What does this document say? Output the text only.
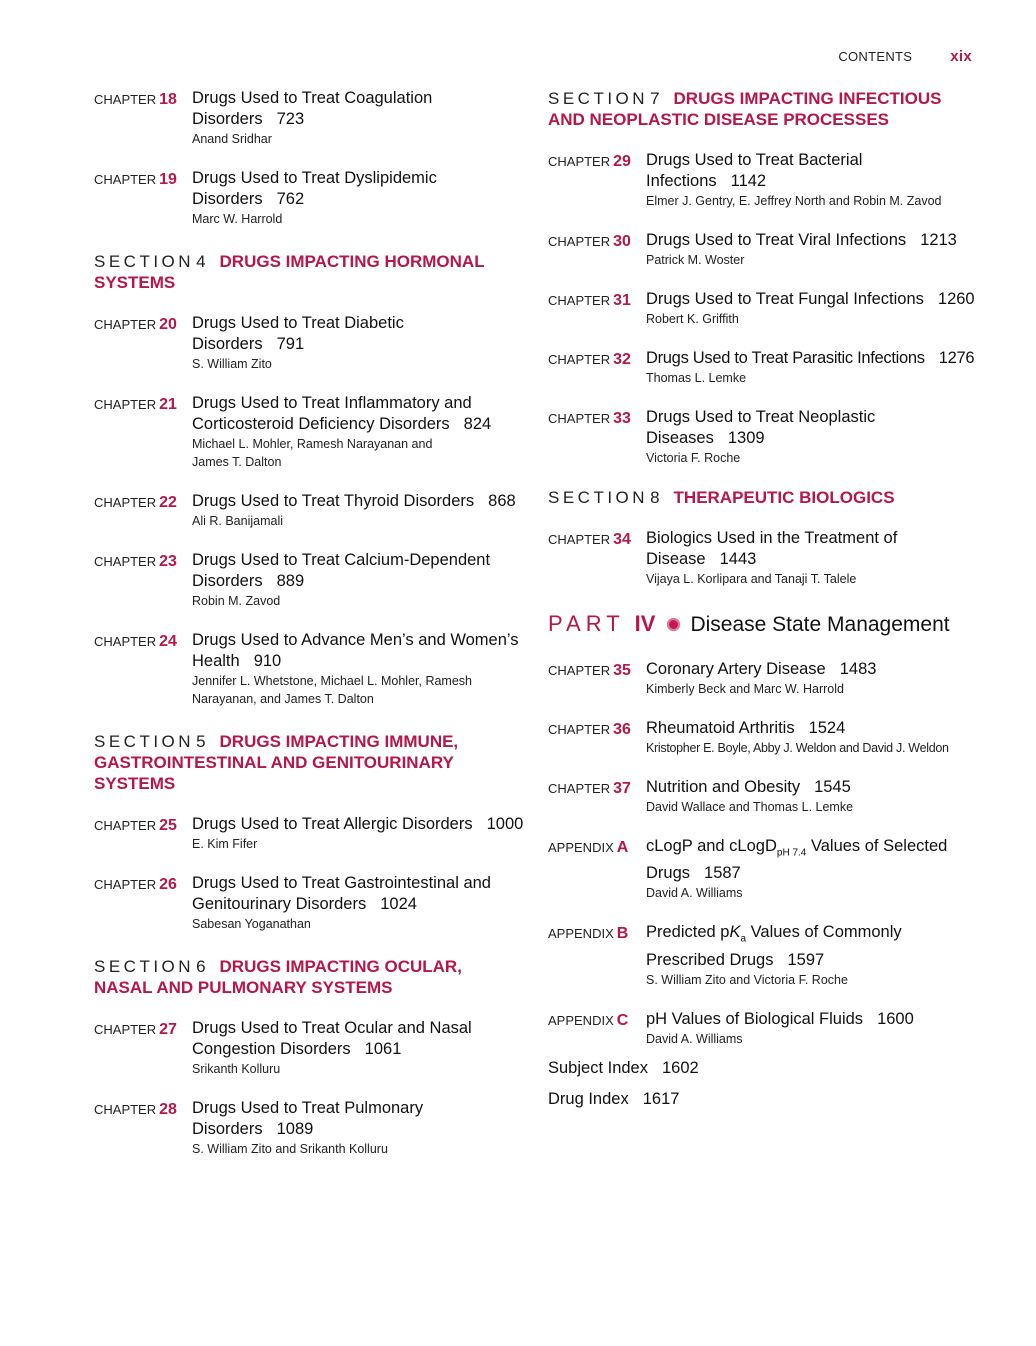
CONTENTS	xix
CHAPTER 18 Drugs Used to Treat Coagulation
Disorders 723
Anand Sridhar
CHAPTER 19 Drugs Used to Treat Dyslipidemic
Disorders 762
Marc W. Harrold
SECTION 4 DRUGS IMPACTING HORMONAL
SYSTEMS
CHAPTER 20 Drugs Used to Treat Diabetic
Disorders 791
S. William Zito
CHAPTER 21 Drugs Used to Treat Inflammatory and
Corticosteroid Deficiency Disorders 824
Michael L. Mohler, Ramesh Narayanan and
James T. Dalton
CHAPTER 22 Drugs Used to Treat Thyroid Disorders 868
Ali R. Banijamali
CHAPTER 23 Drugs Used to Treat Calcium-Dependent
Disorders 889
Robin M. Zavod
CHAPTER 24 Drugs Used to Advance Men’s and Women’s
Health 910
Jennifer L. Whetstone, Michael L. Mohler, Ramesh
Narayanan, and James T. Dalton
SECTION 5 DRUGS IMPACTING IMMUNE,
GASTROINTESTINAL AND GENITOURINARY
SYSTEMS
CHAPTER 25 Drugs Used to Treat Allergic Disorders 1000
E. Kim Fifer
CHAPTER 26 Drugs Used to Treat Gastrointestinal and
Genitourinary Disorders 1024
Sabesan Yoganathan
SECTION 6 DRUGS IMPACTING OCULAR,
NASAL AND PULMONARY SYSTEMS
CHAPTER 27 Drugs Used to Treat Ocular and Nasal
Congestion Disorders 1061
Srikanth Kolluru
CHAPTER 28 Drugs Used to Treat Pulmonary
Disorders 1089
S. William Zito and Srikanth Kolluru
SECTION 7 DRUGS IMPACTING INFECTIOUS
AND NEOPLASTIC DISEASE PROCESSES
CHAPTER 29 Drugs Used to Treat Bacterial
Infections 1142
Elmer J. Gentry, E. Jeffrey North and Robin M. Zavod
CHAPTER 30 Drugs Used to Treat Viral Infections 1213
Patrick M. Woster
CHAPTER 31 Drugs Used to Treat Fungal Infections 1260
Robert K. Griffith
CHAPTER 32 Drugs Used to Treat Parasitic Infections 1276
Thomas L. Lemke
CHAPTER 33 Drugs Used to Treat Neoplastic
Diseases 1309
Victoria F. Roche
SECTION 8 THERAPEUTIC BIOLOGICS
CHAPTER 34 Biologics Used in the Treatment of
Disease 1443
Vijaya L. Korlipara and Tanaji T. Talele
PART IV Disease State Management
CHAPTER 35 Coronary Artery Disease 1483
Kimberly Beck and Marc W. Harrold
CHAPTER 36 Rheumatoid Arthritis 1524
Kristopher E. Boyle, Abby J. Weldon and David J. Weldon
CHAPTER 37 Nutrition and Obesity 1545
David Wallace and Thomas L. Lemke
APPENDIX A cLogP and cLogD$_{pH 7.4}$ Values of Selected
Drugs 1587
David A. Williams
APPENDIX B Predicted $pK_a$ Values of Commonly
Prescribed Drugs 1597
S. William Zito and Victoria F. Roche
APPENDIX C pH Values of Biological Fluids 1600
David A. Williams
Subject Index 1602
Drug Index 1617
